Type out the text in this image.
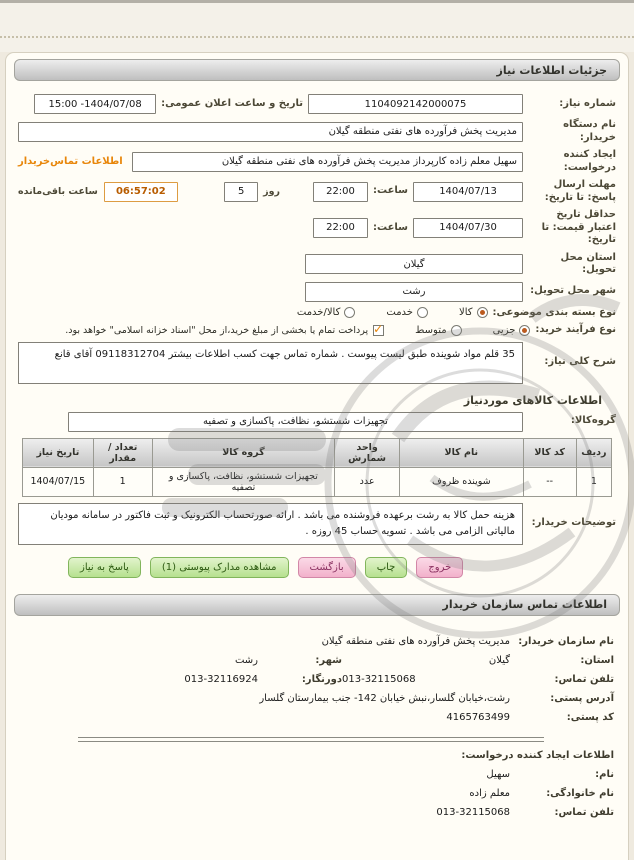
جزئیات اطلاعات نیاز
شماره نیاز:
1104092142000075
تاریخ و ساعت اعلان عمومی:
1404/07/08- 15:00
نام دستگاه خریدار:
مدیریت پخش فرآورده های نفتی منطقه گیلان
ایجاد کننده درخواست:
سهیل معلم زاده کارپرداز مدیریت پخش فرآورده های نفتی منطقه گیلان
اطلاعات تماس‌خریدار
مهلت ارسال پاسخ: تا تاریخ:
1404/07/13
ساعت:
22:00
روز
5
06:57:02
ساعت باقی‌مانده
حداقل تاریخ اعتبار قیمت: تا تاریخ:
1404/07/30
ساعت:
22:00
استان محل تحویل:
گیلان
شهر محل تحویل:
رشت
نوع بسته بندی موضوعی:
کالا
خدمت
کالا/خدمت
نوع فرآیند خرید:
جزیی
متوسط
✓
پرداخت تمام یا بخشی از مبلغ خرید،از محل "اسناد خزانه اسلامی" خواهد بود.
شرح کلی نیاز:
35 قلم مواد شوینده طبق لیست پیوست . شماره تماس جهت کسب اطلاعات بیشتر 09118312704 آقای قانع
اطلاعات کالاهای موردنیاز
گروه‌کالا:
تجهیزات شستشو، نظافت، پاکسازی و تصفیه
ردیف	کد کالا	نام کالا	واحد شمارش	گروه کالا	تعداد / مقدار	تاریخ نیاز
1	--	شوینده ظروف	عدد	تجهیزات شستشو، نظافت، پاکسازی و تصفیه	1	1404/07/15
توضیحات خریدار:
هزینه حمل کالا به رشت برعهده فروشنده می باشد . ارائه صورتحساب الکترونیک و ثبت فاکتور در سامانه مودیان مالیاتی الزامی می باشد . تسویه حساب 45 روزه .
پاسخ به نیاز	مشاهده مدارک پیوستی (1)	بازگشت	چاپ	خروج
اطلاعات تماس سازمان خریدار
نام سازمان خریدار:
مدیریت پخش فرآورده های نفتی منطقه گیلان
استان:
گیلان
شهر:
رشت
تلفن تماس:
013-32115068
دورنگار:
013-32116924
آدرس پستی:
رشت،خیابان گلسار،نبش خیابان 142- جنب بیمارستان گلسار
کد پستی:
4165763499
اطلاعات ایجاد کننده درخواست:
نام:
سهیل
نام خانوادگی:
معلم زاده
تلفن تماس:
013-32115068
